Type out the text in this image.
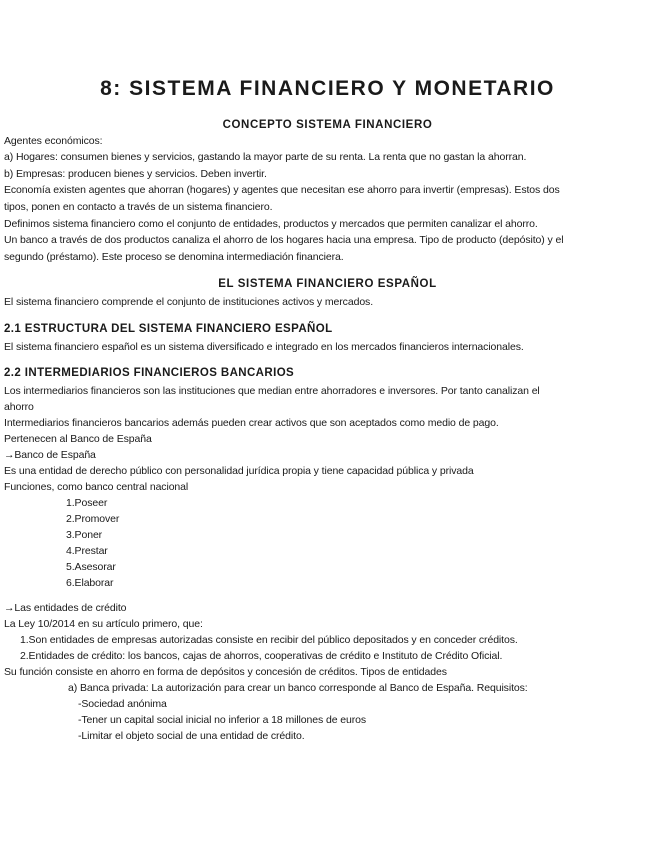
8: SISTEMA FINANCIERO Y MONETARIO
CONCEPTO SISTEMA FINANCIERO
Agentes económicos:
a) Hogares: consumen bienes y servicios, gastando la mayor parte de su renta. La renta que no gastan la ahorran.
b) Empresas: producen bienes y servicios. Deben invertir.
Economía existen agentes que ahorran (hogares) y agentes que necesitan ese ahorro para invertir (empresas). Estos dos
tipos, ponen en contacto a través de un sistema financiero.
Definimos sistema financiero como el conjunto de entidades, productos y mercados que permiten canalizar el ahorro.
Un banco a través de dos productos canaliza el ahorro de los hogares hacia una empresa. Tipo de producto (depósito) y el
segundo (préstamo). Este proceso se denomina intermediación financiera.
EL SISTEMA FINANCIERO ESPAÑOL
El sistema financiero comprende el conjunto de instituciones activos y mercados.
2.1 ESTRUCTURA DEL SISTEMA FINANCIERO ESPAÑOL
El sistema financiero español es un sistema diversificado e integrado en los mercados financieros internacionales.
2.2 INTERMEDIARIOS FINANCIEROS BANCARIOS
Los intermediarios financieros son las instituciones que median entre ahorradores e inversores. Por tanto canalizan el
ahorro
Intermediarios financieros bancarios además pueden crear activos que son aceptados como medio de pago.
Pertenecen al Banco de España
→Banco de España
Es una entidad de derecho público con personalidad jurídica propia y tiene capacidad pública y privada
Funciones, como banco central nacional
1.Poseer
2.Promover
3.Poner
4.Prestar
5.Asesorar
6.Elaborar
→Las entidades de crédito
La Ley 10/2014 en su artículo primero, que:
1.Son entidades de empresas autorizadas consiste en recibir del público depositados y en conceder créditos.
2.Entidades de crédito: los bancos, cajas de ahorros, cooperativas de crédito e Instituto de Crédito Oficial.
Su función consiste en ahorro en forma de depósitos y concesión de créditos. Tipos de entidades
a) Banca privada: La autorización para crear un banco corresponde al Banco de España. Requisitos:
-Sociedad anónima
-Tener un capital social inicial no inferior a 18 millones de euros
-Limitar el objeto social de una entidad de crédito.
